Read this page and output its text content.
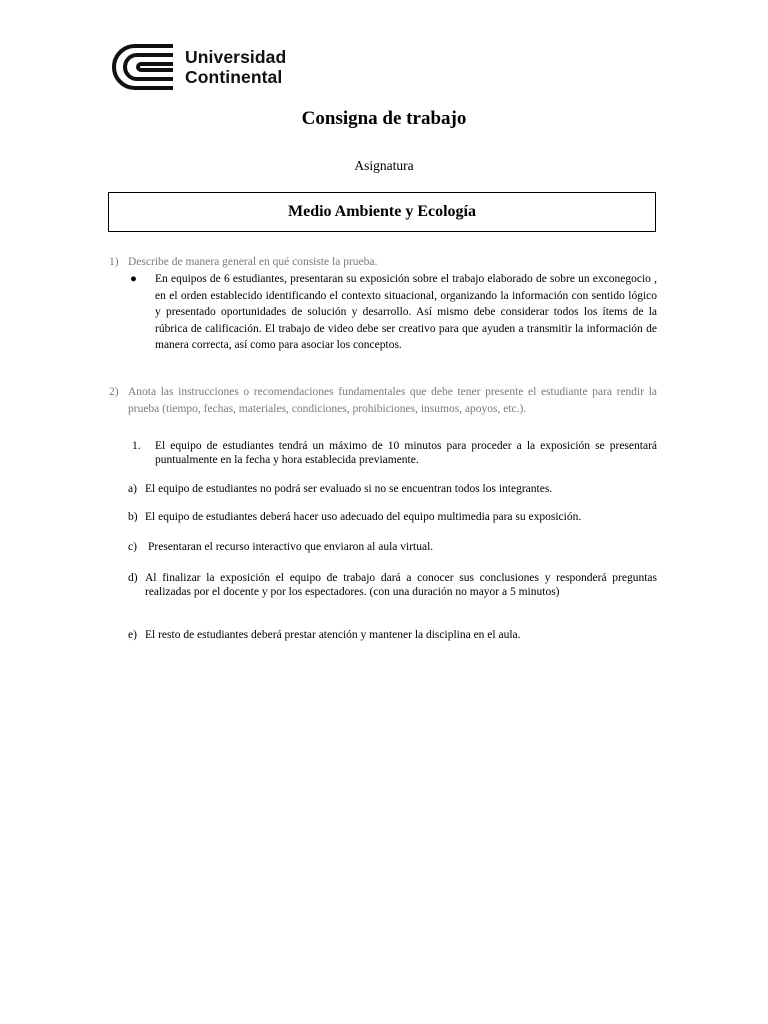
Universidad
Continental
Consigna de trabajo
Asignatura
Medio Ambiente y Ecología
1) Describe de manera general en qué consiste la prueba.
● En equipos de 6 estudiantes, presentaran su exposición sobre el trabajo elaborado de sobre un exconegocio , en el orden establecido identificando el contexto situacional, organizando la información con sentido lógico y presentado oportunidades de solución y desarrollo. Así mismo debe considerar todos los ítems de la rúbrica de calificación. El trabajo de video debe ser creativo para que ayuden a transmitir la información de manera correcta, así como para asociar los conceptos.
2) Anota las instrucciones o recomendaciones fundamentales que debe tener presente el estudiante para rendir la prueba (tiempo, fechas, materiales, condiciones, prohibiciones, insumos, apoyos, etc.).
1. El equipo de estudiantes tendrá un máximo de 10 minutos para proceder a la exposición se presentará puntualmente en la fecha y hora establecida previamente.
a) El equipo de estudiantes no podrá ser evaluado si no se encuentran todos los integrantes.
b) El equipo de estudiantes deberá hacer uso adecuado del equipo multimedia para su exposición.
c) Presentaran el recurso interactivo que enviaron al aula virtual.
d) Al finalizar la exposición el equipo de trabajo dará a conocer sus conclusiones y responderá preguntas realizadas por el docente y por los espectadores. (con una duración no mayor a 5 minutos)
e) El resto de estudiantes deberá prestar atención y mantener la disciplina en el aula.
